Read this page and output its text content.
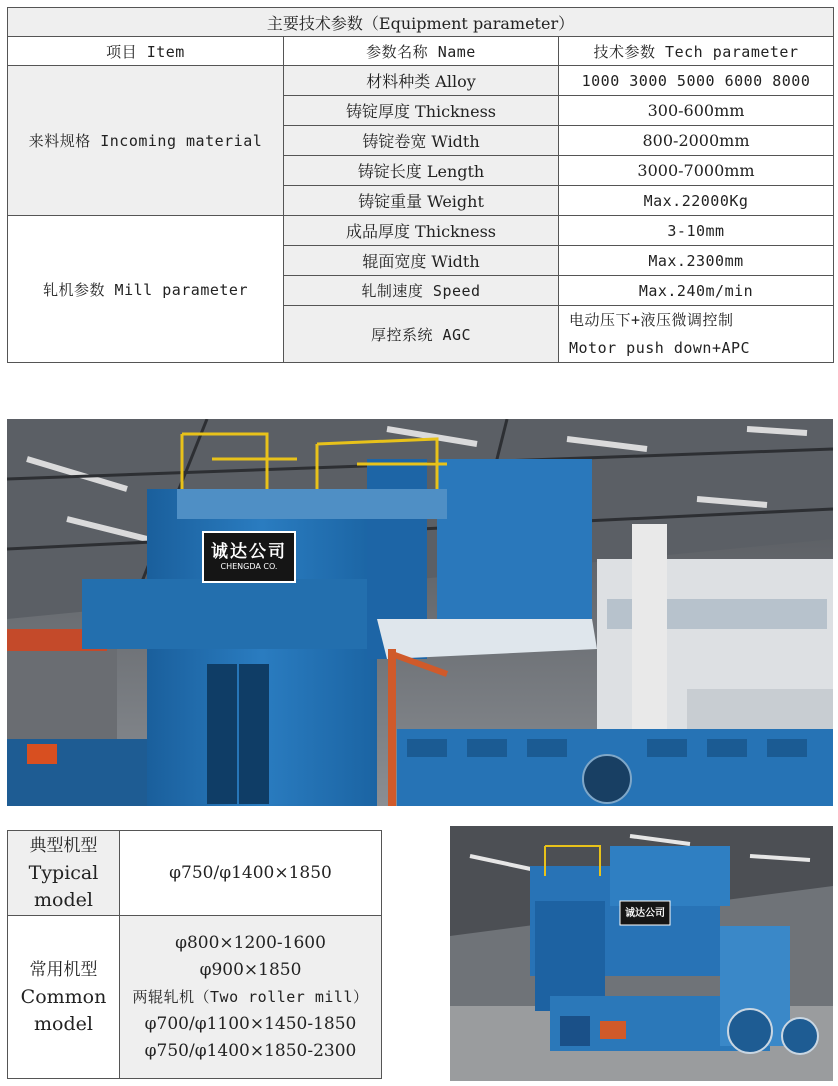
主要技术参数（Equipment parameter）		
项目 Item	参数名称 Name	技术参数 Tech parameter
来料规格 Incoming material	材料种类 Alloy	1000 3000 5000 6000 8000
	铸锭厚度 Thickness	300-600mm
	铸锭卷宽 Width	800-2000mm
	铸锭长度 Length	3000-7000mm
	铸锭重量 Weight	Max.22000Kg
轧机参数 Mill parameter	成品厚度 Thickness	3-10mm
	辊面宽度 Width	Max.2300mm
	轧制速度 Speed	Max.240m/min
	厚控系统 AGC	电动压下+液压微调控制
Motor push down+APC
诚达公司
CHENGDA CO.
典型机型
Typical
model	φ750/φ1400×1850

常用机型
Common
model	φ800×1200-1600
φ900×1850
两辊轧机（Two roller mill）
φ700/φ1100×1450-1850
φ750/φ1400×1850-2300
诚达公司
